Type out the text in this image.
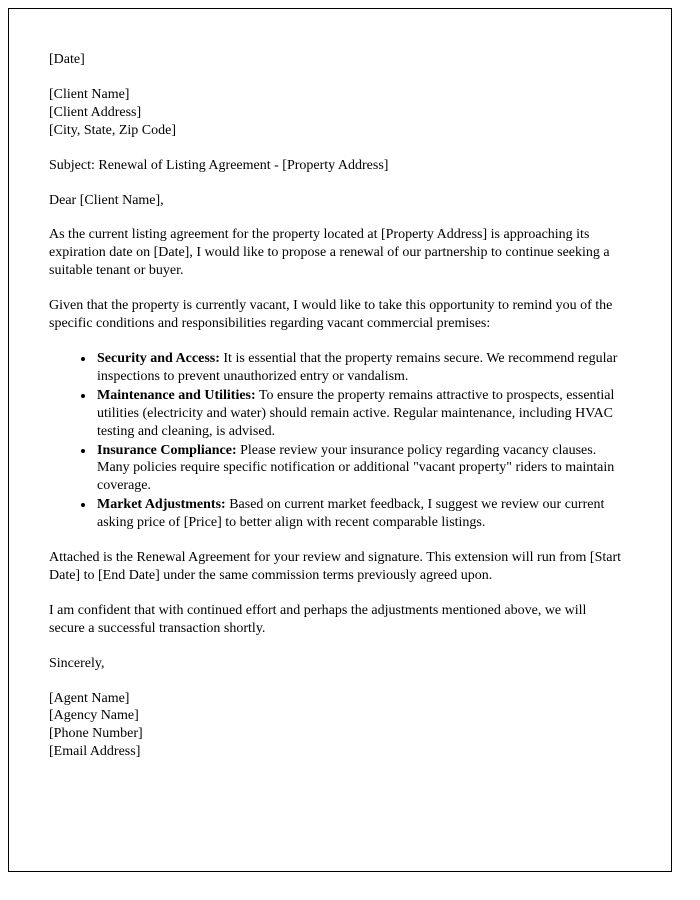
[Date]
[Client Name]
[Client Address]
[City, State, Zip Code]

Subject: Renewal of Listing Agreement - [Property Address]

Dear [Client Name],

As the current listing agreement for the property located at [Property Address] is approaching its expiration date on [Date], I would like to propose a renewal of our partnership to continue seeking a suitable tenant or buyer.

Given that the property is currently vacant, I would like to take this opportunity to remind you of the specific conditions and responsibilities regarding vacant commercial premises:

• Security and Access: It is essential that the property remains secure. We recommend regular inspections to prevent unauthorized entry or vandalism.
• Maintenance and Utilities: To ensure the property remains attractive to prospects, essential utilities (electricity and water) should remain active. Regular maintenance, including HVAC testing and cleaning, is advised.
• Insurance Compliance: Please review your insurance policy regarding vacancy clauses. Many policies require specific notification or additional "vacant property" riders to maintain coverage.
• Market Adjustments: Based on current market feedback, I suggest we review our current asking price of [Price] to better align with recent comparable listings.

Attached is the Renewal Agreement for your review and signature. This extension will run from [Start Date] to [End Date] under the same commission terms previously agreed upon.

I am confident that with continued effort and perhaps the adjustments mentioned above, we will secure a successful transaction shortly.

Sincerely,

[Agent Name]
[Agency Name]
[Phone Number]
[Email Address]
